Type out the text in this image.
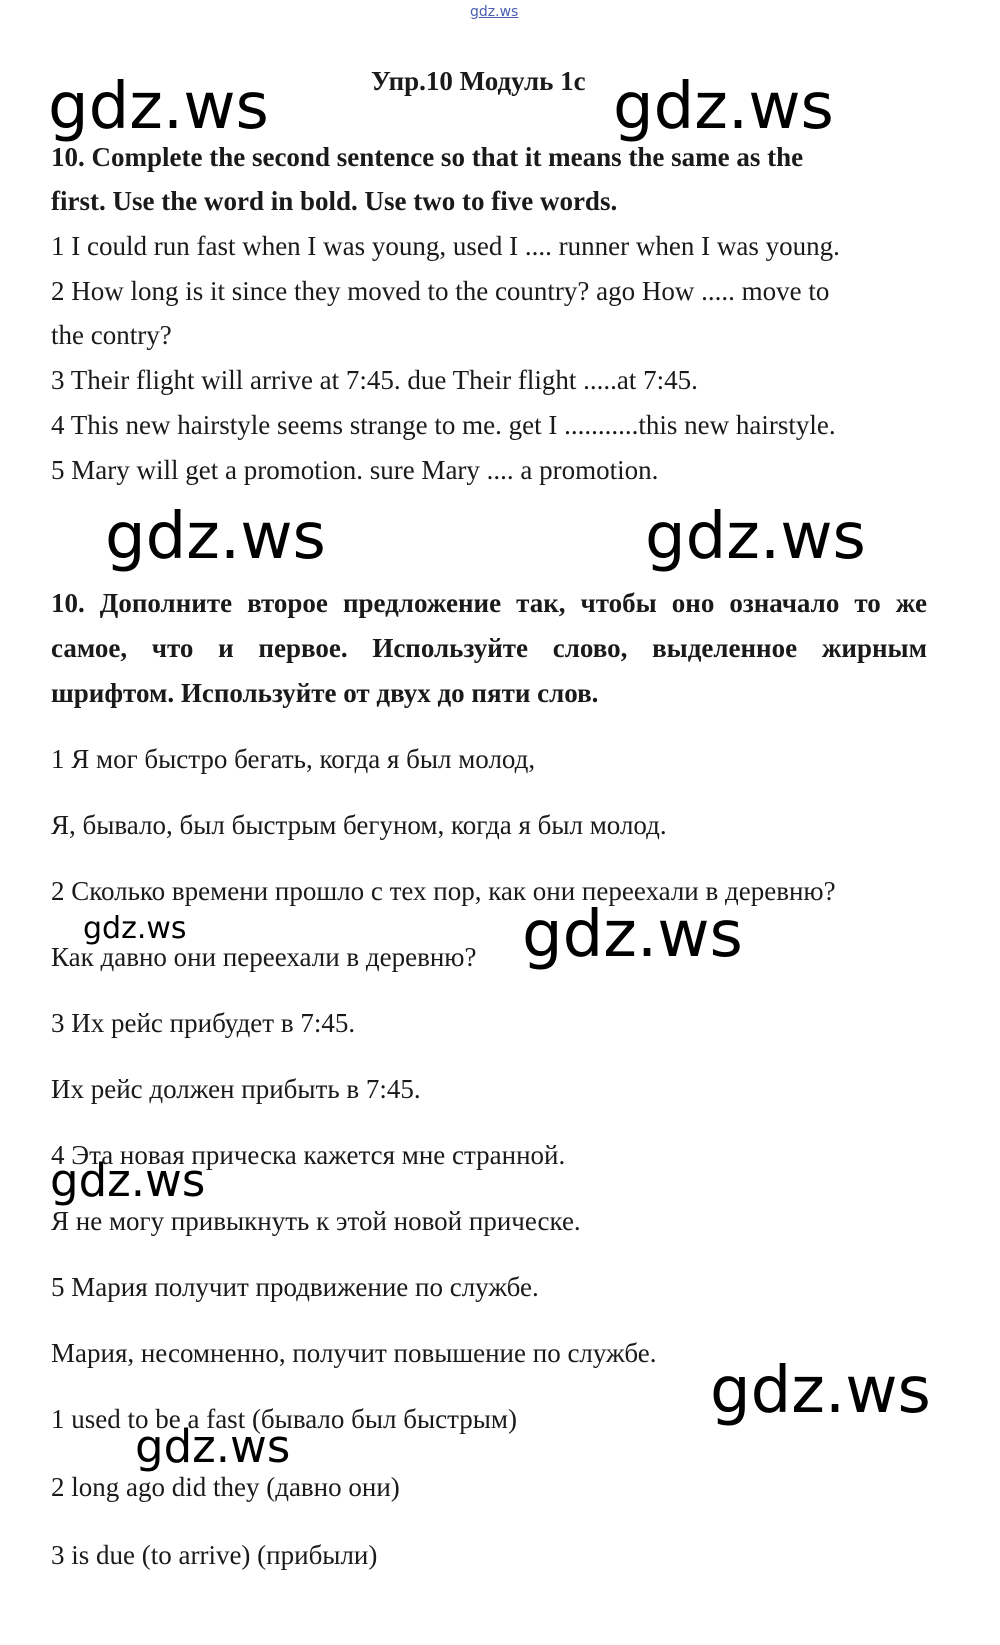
gdz.ws
Упр.10 Модуль 1с
gdz.ws	gdz.ws
10. Complete the second sentence so that it means the same as the
first. Use the word in bold. Use two to five words.
1 I could run fast when I was young, used I .... runner when I was young.
2 How long is it since they moved to the country? ago How ..... move to
the contry?
3 Their flight will arrive at 7:45. due Their flight .....at 7:45.
4 This new hairstyle seems strange to me. get I ...........this new hairstyle.
5 Mary will get a promotion. sure Mary .... a promotion.
gdz.ws	gdz.ws
10. Дополните второе предложение так, чтобы оно означало то же
самое, что и первое. Используйте слово, выделенное жирным
шрифтом. Используйте от двух до пяти слов.
1 Я мог быстро бегать, когда я был молод,
Я, бывало, был быстрым бегуном, когда я был молод.
2 Сколько времени прошло с тех пор, как они переехали в деревню?
gdz.ws
Как давно они переехали в деревню? gdz.ws
3 Их рейс прибудет в 7:45.
Их рейс должен прибыть в 7:45.
4 Эта новая прическа кажется мне странной.
gdz.ws
Я не могу привыкнуть к этой новой прическе.
5 Мария получит продвижение по службе.
Мария, несомненно, получит повышение по службе.
gdz.ws
1 used to be a fast (бывало был быстрым)
gdz.ws
2 long ago did they (давно они)
3 is due (to arrive) (прибыли)
